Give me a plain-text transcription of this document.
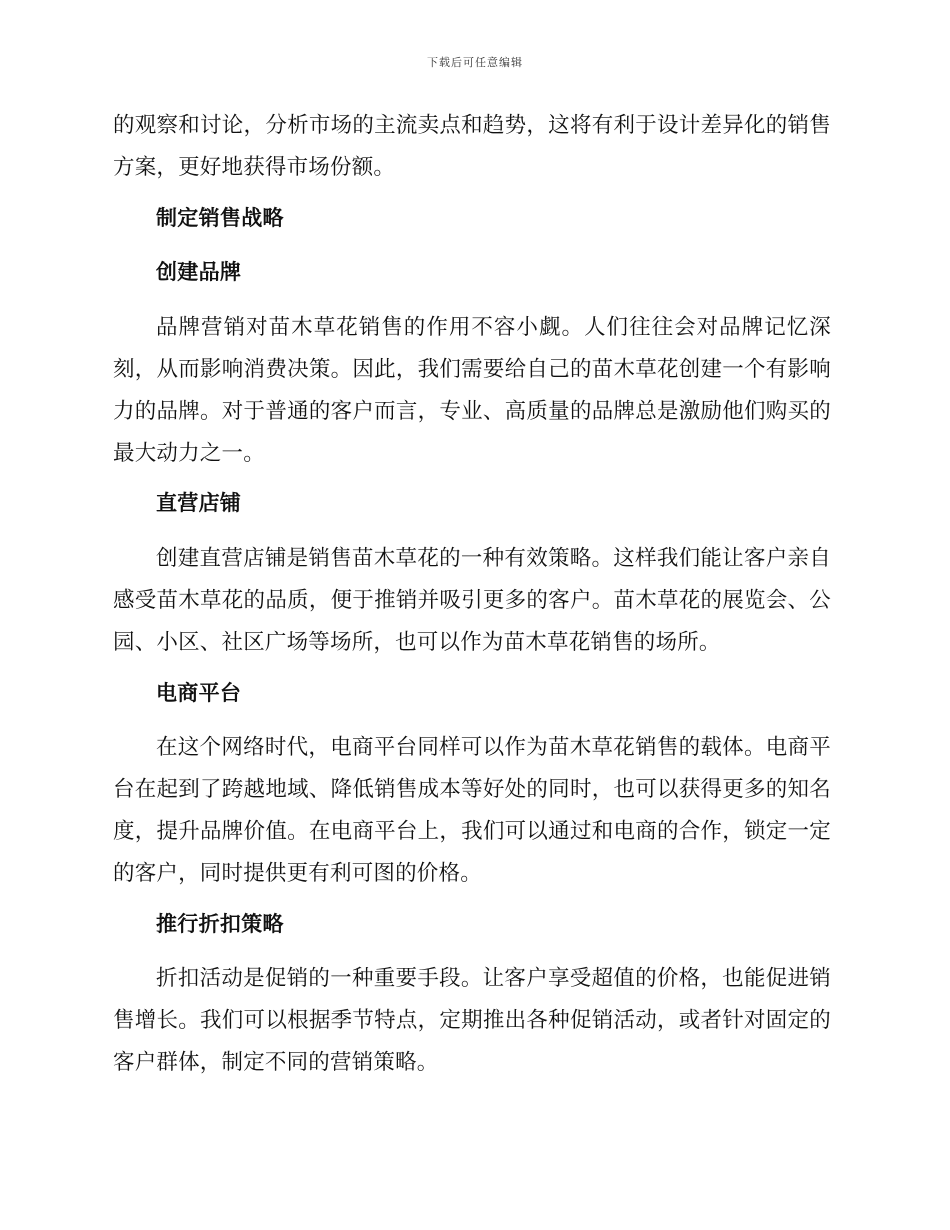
下载后可任意编辑

的观察和讨论，分析市场的主流卖点和趋势，这将有利于设计差异化的销售方案，更好地获得市场份额。

制定销售战略
创建品牌

品牌营销对苗木草花销售的作用不容小觑。人们往往会对品牌记忆深刻，从而影响消费决策。因此，我们需要给自己的苗木草花创建一个有影响力的品牌。对于普通的客户而言，专业、高质量的品牌总是激励他们购买的最大动力之一。

直营店铺

创建直营店铺是销售苗木草花的一种有效策略。这样我们能让客户亲自感受苗木草花的品质，便于推销并吸引更多的客户。苗木草花的展览会、公园、小区、社区广场等场所，也可以作为苗木草花销售的场所。

电商平台

在这个网络时代，电商平台同样可以作为苗木草花销售的载体。电商平台在起到了跨越地域、降低销售成本等好处的同时，也可以获得更多的知名度，提升品牌价值。在电商平台上，我们可以通过和电商的合作，锁定一定的客户，同时提供更有利可图的价格。

推行折扣策略

折扣活动是促销的一种重要手段。让客户享受超值的价格，也能促进销售增长。我们可以根据季节特点，定期推出各种促销活动，或者针对固定的客户群体，制定不同的营销策略。
